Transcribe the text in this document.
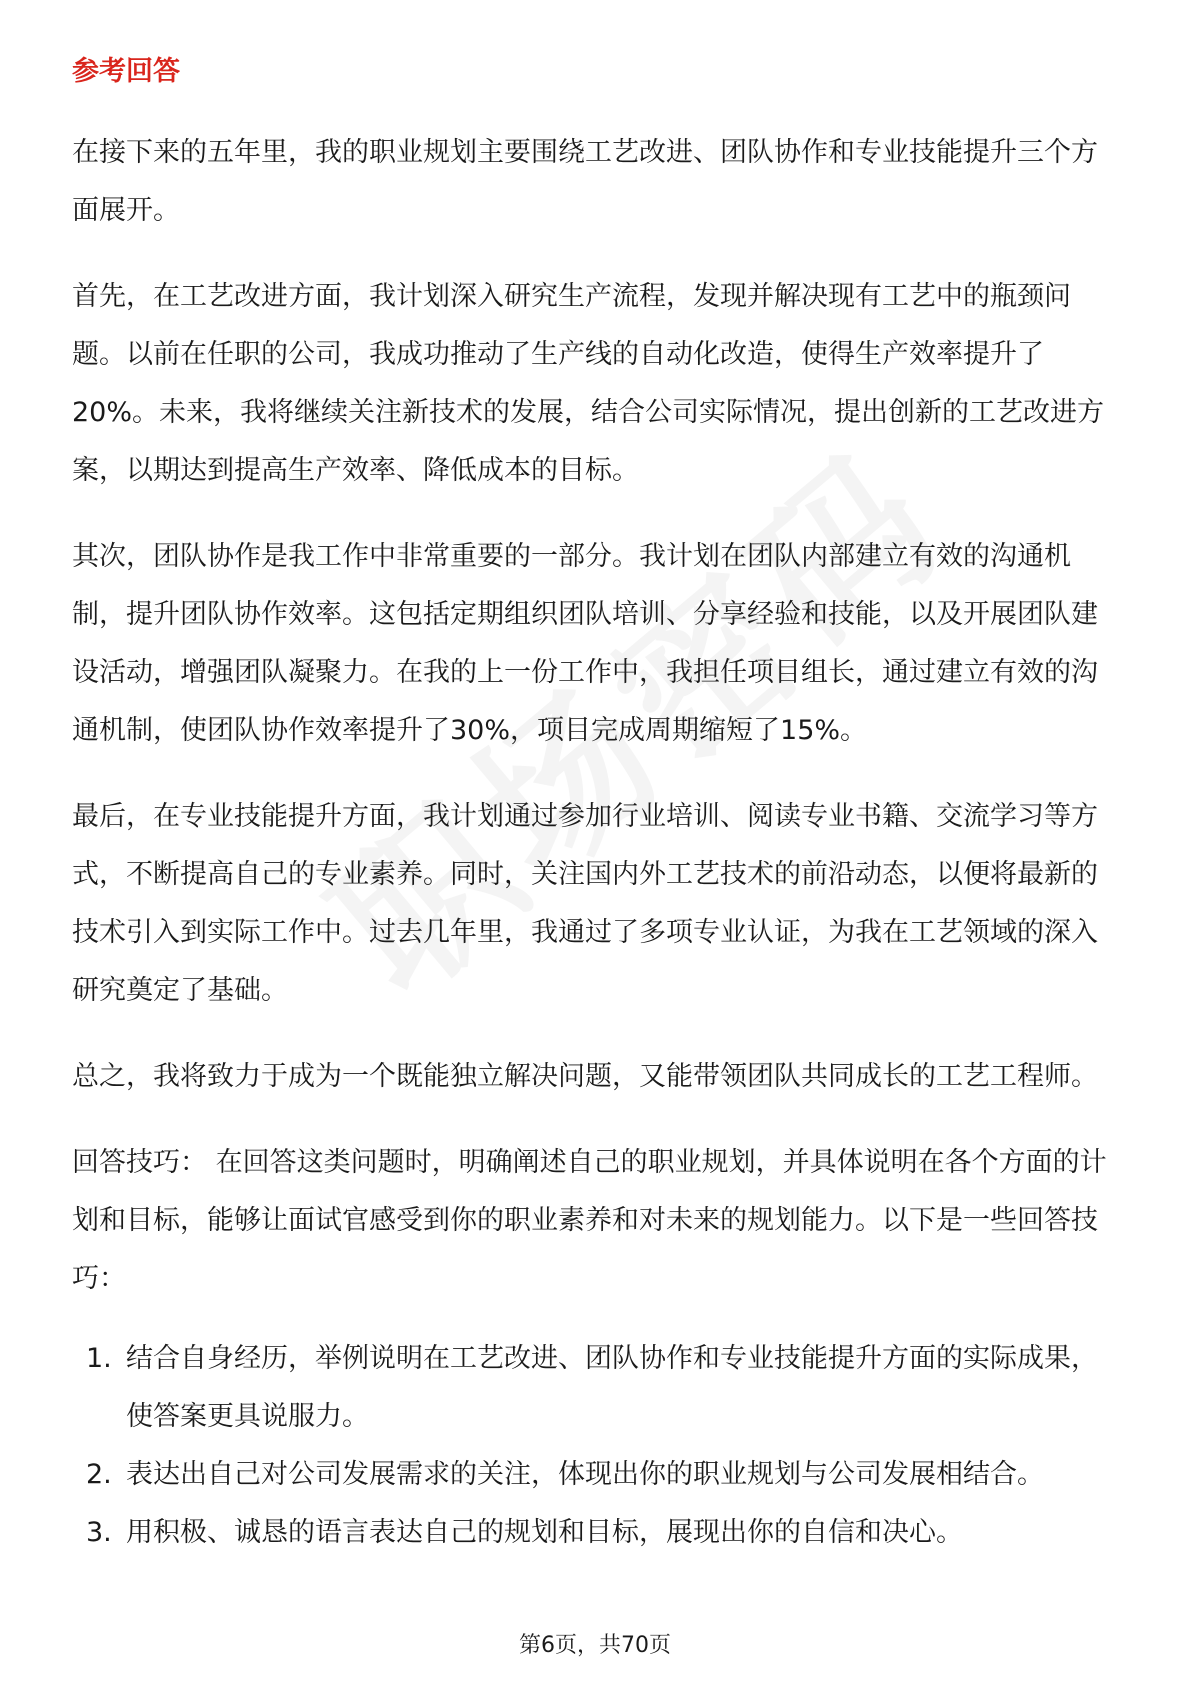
参考回答

在接下来的五年里，我的职业规划主要围绕工艺改进、团队协作和专业技能提升三个方面展开。

首先，在工艺改进方面，我计划深入研究生产流程，发现并解决现有工艺中的瓶颈问题。以前在任职的公司，我成功推动了生产线的自动化改造，使得生产效率提升了20%。未来，我将继续关注新技术的发展，结合公司实际情况，提出创新的工艺改进方案，以期达到提高生产效率、降低成本的目标。

其次，团队协作是我工作中非常重要的一部分。我计划在团队内部建立有效的沟通机制，提升团队协作效率。这包括定期组织团队培训、分享经验和技能，以及开展团队建设活动，增强团队凝聚力。在我的上一份工作中，我担任项目组长，通过建立有效的沟通机制，使团队协作效率提升了30%，项目完成周期缩短了15%。

最后，在专业技能提升方面，我计划通过参加行业培训、阅读专业书籍、交流学习等方式，不断提高自己的专业素养。同时，关注国内外工艺技术的前沿动态，以便将最新的技术引入到实际工作中。过去几年里，我通过了多项专业认证，为我在工艺领域的深入研究奠定了基础。

总之，我将致力于成为一个既能独立解决问题，又能带领团队共同成长的工艺工程师。

回答技巧： 在回答这类问题时，明确阐述自己的职业规划，并具体说明在各个方面的计划和目标，能够让面试官感受到你的职业素养和对未来的规划能力。以下是一些回答技巧：

1. 结合自身经历，举例说明在工艺改进、团队协作和专业技能提升方面的实际成果，使答案更具说服力。
2. 表达出自己对公司发展需求的关注，体现出你的职业规划与公司发展相结合。
3. 用积极、诚恳的语言表达自己的规划和目标，展现出你的自信和决心。
第6页，共70页
